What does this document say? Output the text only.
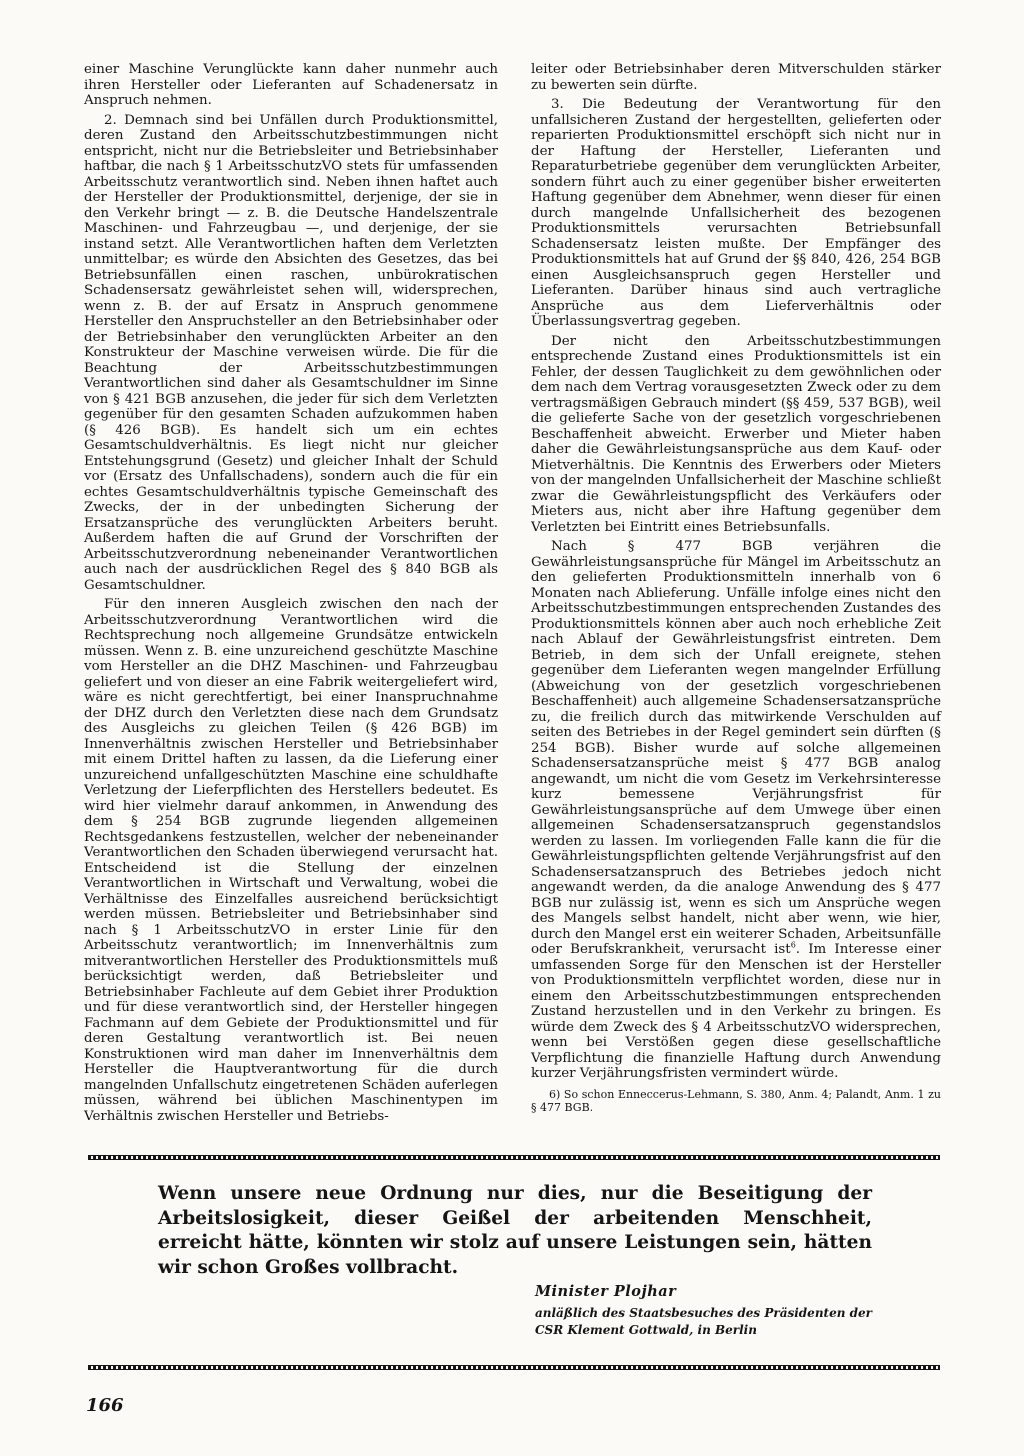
einer Maschine Verunglückte kann daher nunmehr auch ihren Hersteller oder Lieferanten auf Schadenersatz in Anspruch nehmen.

2. Demnach sind bei Unfällen durch Produktionsmittel, deren Zustand den Arbeitsschutzbestimmungen nicht entspricht, nicht nur die Betriebsleiter und Betriebsinhaber haftbar, die nach § 1 ArbeitsschutzVO stets für umfassenden Arbeitsschutz verantwortlich sind. Neben ihnen haftet auch der Hersteller der Produktionsmittel, derjenige, der sie in den Verkehr bringt — z. B. die Deutsche Handelszentrale Maschinen- und Fahrzeugbau —, und derjenige, der sie instand setzt. Alle Verantwortlichen haften dem Verletzten unmittelbar; es würde den Absichten des Gesetzes, das bei Betriebsunfällen einen raschen, unbürokratischen Schadensersatz gewährleistet sehen will, widersprechen, wenn z. B. der auf Ersatz in Anspruch genommene Hersteller den Anspruchsteller an den Betriebsinhaber oder der Betriebsinhaber den verunglückten Arbeiter an den Konstrukteur der Maschine verweisen würde. Die für die Beachtung der Arbeitsschutzbestimmungen Verantwortlichen sind daher als Gesamtschuldner im Sinne von § 421 BGB anzusehen, die jeder für sich dem Verletzten gegenüber für den gesamten Schaden aufzukommen haben (§ 426 BGB). Es handelt sich um ein echtes Gesamtschuldverhältnis. Es liegt nicht nur gleicher Entstehungsgrund (Gesetz) und gleicher Inhalt der Schuld vor (Ersatz des Unfallschadens), sondern auch die für ein echtes Gesamtschuldverhältnis typische Gemeinschaft des Zwecks, der in der unbedingten Sicherung der Ersatzansprüche des verunglückten Arbeiters beruht. Außerdem haften die auf Grund der Vorschriften der Arbeitsschutzverordnung nebeneinander Verantwortlichen auch nach der ausdrücklichen Regel des § 840 BGB als Gesamtschuldner.

Für den inneren Ausgleich zwischen den nach der Arbeitsschutzverordnung Verantwortlichen wird die Rechtsprechung noch allgemeine Grundsätze entwickeln müssen. Wenn z. B. eine unzureichend geschützte Maschine vom Hersteller an die DHZ Maschinen- und Fahrzeugbau geliefert und von dieser an eine Fabrik weitergeliefert wird, wäre es nicht gerechtfertigt, bei einer Inanspruchnahme der DHZ durch den Verletzten diese nach dem Grundsatz des Ausgleichs zu gleichen Teilen (§ 426 BGB) im Innenverhältnis zwischen Hersteller und Betriebsinhaber mit einem Drittel haften zu lassen, da die Lieferung einer unzureichend unfallgeschützten Maschine eine schuldhafte Verletzung der Lieferpflichten des Herstellers bedeutet. Es wird hier vielmehr darauf ankommen, in Anwendung des dem § 254 BGB zugrunde liegenden allgemeinen Rechtsgedankens festzustellen, welcher der nebeneinander Verantwortlichen den Schaden überwiegend verursacht hat. Entscheidend ist die Stellung der einzelnen Verantwortlichen in Wirtschaft und Verwaltung, wobei die Verhältnisse des Einzelfalles ausreichend berücksichtigt werden müssen. Betriebsleiter und Betriebsinhaber sind nach § 1 ArbeitsschutzVO in erster Linie für den Arbeitsschutz verantwortlich; im Innenverhältnis zum mitverantwortlichen Hersteller des Produktionsmittels muß berücksichtigt werden, daß Betriebsleiter und Betriebsinhaber Fachleute auf dem Gebiet ihrer Produktion und für diese verantwortlich sind, der Hersteller hingegen Fachmann auf dem Gebiete der Produktionsmittel und für deren Gestaltung verantwortlich ist. Bei neuen Konstruktionen wird man daher im Innenverhältnis dem Hersteller die Hauptverantwortung für die durch mangelnden Unfallschutz eingetretenen Schäden auferlegen müssen, während bei üblichen Maschinentypen im Verhältnis zwischen Hersteller und Betriebs-

leiter oder Betriebsinhaber deren Mitverschulden stärker zu bewerten sein dürfte.

3. Die Bedeutung der Verantwortung für den unfallsicheren Zustand der hergestellten, gelieferten oder reparierten Produktionsmittel erschöpft sich nicht nur in der Haftung der Hersteller, Lieferanten und Reparaturbetriebe gegenüber dem verunglückten Arbeiter, sondern führt auch zu einer gegenüber bisher erweiterten Haftung gegenüber dem Abnehmer, wenn dieser für einen durch mangelnde Unfallsicherheit des bezogenen Produktionsmittels verursachten Betriebsunfall Schadensersatz leisten mußte. Der Empfänger des Produktionsmittels hat auf Grund der §§ 840, 426, 254 BGB einen Ausgleichsanspruch gegen Hersteller und Lieferanten. Darüber hinaus sind auch vertragliche Ansprüche aus dem Lieferverhältnis oder Überlassungsvertrag gegeben.

Der nicht den Arbeitsschutzbestimmungen entsprechende Zustand eines Produktionsmittels ist ein Fehler, der dessen Tauglichkeit zu dem gewöhnlichen oder dem nach dem Vertrag vorausgesetzten Zweck oder zu dem vertragsmäßigen Gebrauch mindert (§§ 459, 537 BGB), weil die gelieferte Sache von der gesetzlich vorgeschriebenen Beschaffenheit abweicht. Erwerber und Mieter haben daher die Gewährleistungsansprüche aus dem Kauf- oder Mietverhältnis. Die Kenntnis des Erwerbers oder Mieters von der mangelnden Unfallsicherheit der Maschine schließt zwar die Gewährleistungspflicht des Verkäufers oder Mieters aus, nicht aber ihre Haftung gegenüber dem Verletzten bei Eintritt eines Betriebsunfalls.

Nach § 477 BGB verjähren die Gewährleistungsansprüche für Mängel im Arbeitsschutz an den gelieferten Produktionsmitteln innerhalb von 6 Monaten nach Ablieferung. Unfälle infolge eines nicht den Arbeitsschutzbestimmungen entsprechenden Zustandes des Produktionsmittels können aber auch noch erhebliche Zeit nach Ablauf der Gewährleistungsfrist eintreten. Dem Betrieb, in dem sich der Unfall ereignete, stehen gegenüber dem Lieferanten wegen mangelnder Erfüllung (Abweichung von der gesetzlich vorgeschriebenen Beschaffenheit) auch allgemeine Schadensersatzansprüche zu, die freilich durch das mitwirkende Verschulden auf seiten des Betriebes in der Regel gemindert sein dürften (§ 254 BGB). Bisher wurde auf solche allgemeinen Schadensersatzansprüche meist § 477 BGB analog angewandt, um nicht die vom Gesetz im Verkehrsinteresse kurz bemessene Verjährungsfrist für Gewährleistungsansprüche auf dem Umwege über einen allgemeinen Schadensersatzanspruch gegenstandslos werden zu lassen. Im vorliegenden Falle kann die für die Gewährleistungspflichten geltende Verjährungsfrist auf den Schadensersatzanspruch des Betriebes jedoch nicht angewandt werden, da die analoge Anwendung des § 477 BGB nur zulässig ist, wenn es sich um Ansprüche wegen des Mangels selbst handelt, nicht aber wenn, wie hier, durch den Mangel erst ein weiterer Schaden, Arbeitsunfälle oder Berufskrankheit, verursacht ist$^6$. Im Interesse einer umfassenden Sorge für den Menschen ist der Hersteller von Produktionsmitteln verpflichtet worden, diese nur in einem den Arbeitsschutzbestimmungen entsprechenden Zustand herzustellen und in den Verkehr zu bringen. Es würde dem Zweck des § 4 ArbeitsschutzVO widersprechen, wenn bei Verstößen gegen diese gesellschaftliche Verpflichtung die finanzielle Haftung durch Anwendung kurzer Verjährungsfristen vermindert würde.

6) So schon Enneccerus-Lehmann, S. 380, Anm. 4; Palandt, Anm. 1 zu § 477 BGB.
Wenn unsere neue Ordnung nur dies, nur die Beseitigung der Arbeitslosigkeit, dieser Geißel der arbeitenden Menschheit, erreicht hätte, könnten wir stolz auf unsere Leistungen sein, hätten wir schon Großes vollbracht.
Minister Plojhar
anläßlich des Staatsbesuches des Präsidenten der
CSR Klement Gottwald, in Berlin
166
